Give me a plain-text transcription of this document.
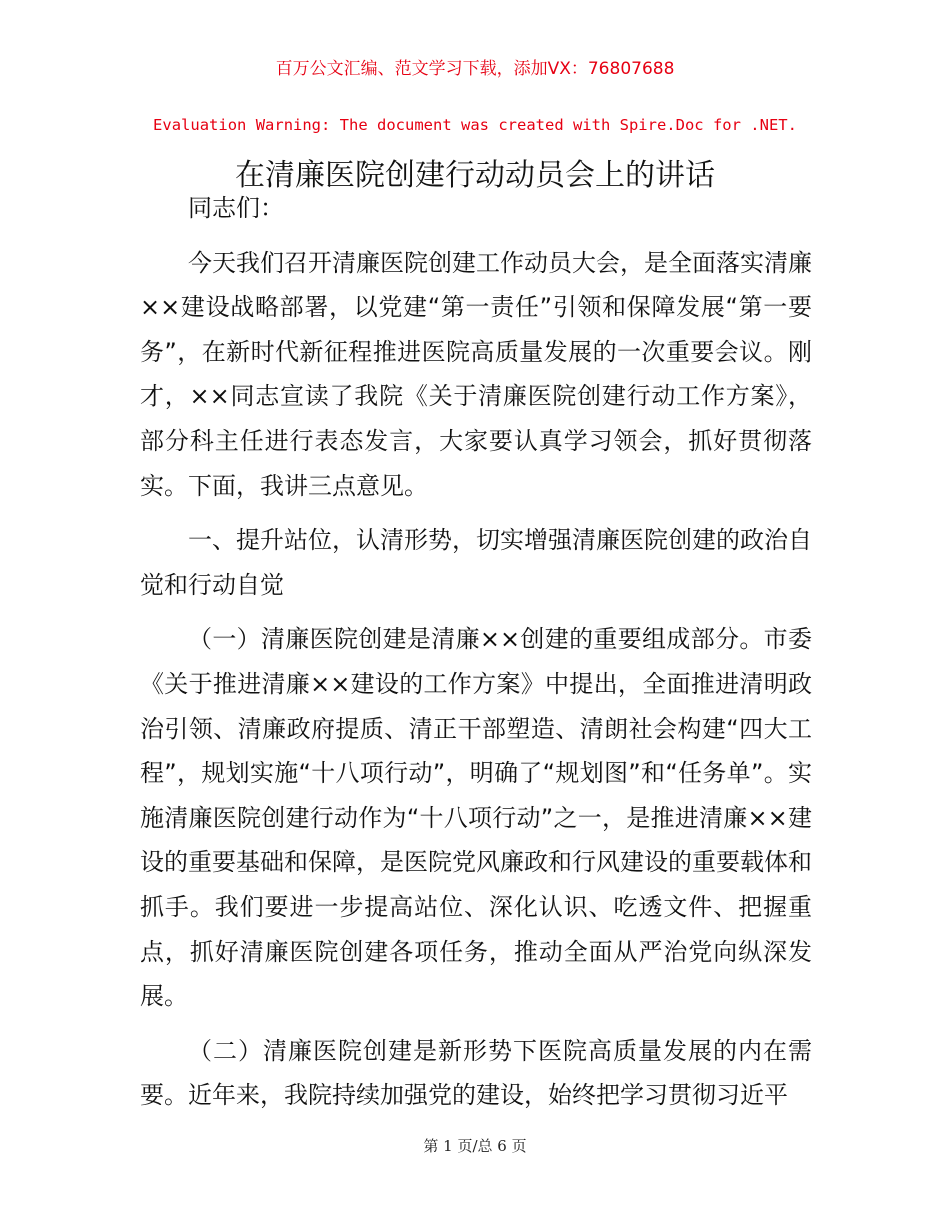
百万公文汇编、范文学习下载，添加VX：76807688
Evaluation Warning: The document was created with Spire.Doc for .NET.
在清廉医院创建行动动员会上的讲话

同志们：

今天我们召开清廉医院创建工作动员大会，是全面落实清廉××建设战略部署，以党建“第一责任”引领和保障发展“第一要务”，在新时代新征程推进医院高质量发展的一次重要会议。刚才，××同志宣读了我院《关于清廉医院创建行动工作方案》，部分科主任进行表态发言，大家要认真学习领会，抓好贯彻落实。下面，我讲三点意见。

一、提升站位，认清形势，切实增强清廉医院创建的政治自觉和行动自觉

（一）清廉医院创建是清廉××创建的重要组成部分。市委《关于推进清廉××建设的工作方案》中提出，全面推进清明政治引领、清廉政府提质、清正干部塑造、清朗社会构建“四大工程”，规划实施“十八项行动”，明确了“规划图”和“任务单”。实施清廉医院创建行动作为“十八项行动”之一，是推进清廉××建设的重要基础和保障，是医院党风廉政和行风建设的重要载体和抓手。我们要进一步提高站位、深化认识、吃透文件、把握重点，抓好清廉医院创建各项任务，推动全面从严治党向纵深发展。

（二）清廉医院创建是新形势下医院高质量发展的内在需要。近年来，我院持续加强党的建设，始终把学习贯彻习近平

第 1 页/总 6 页
